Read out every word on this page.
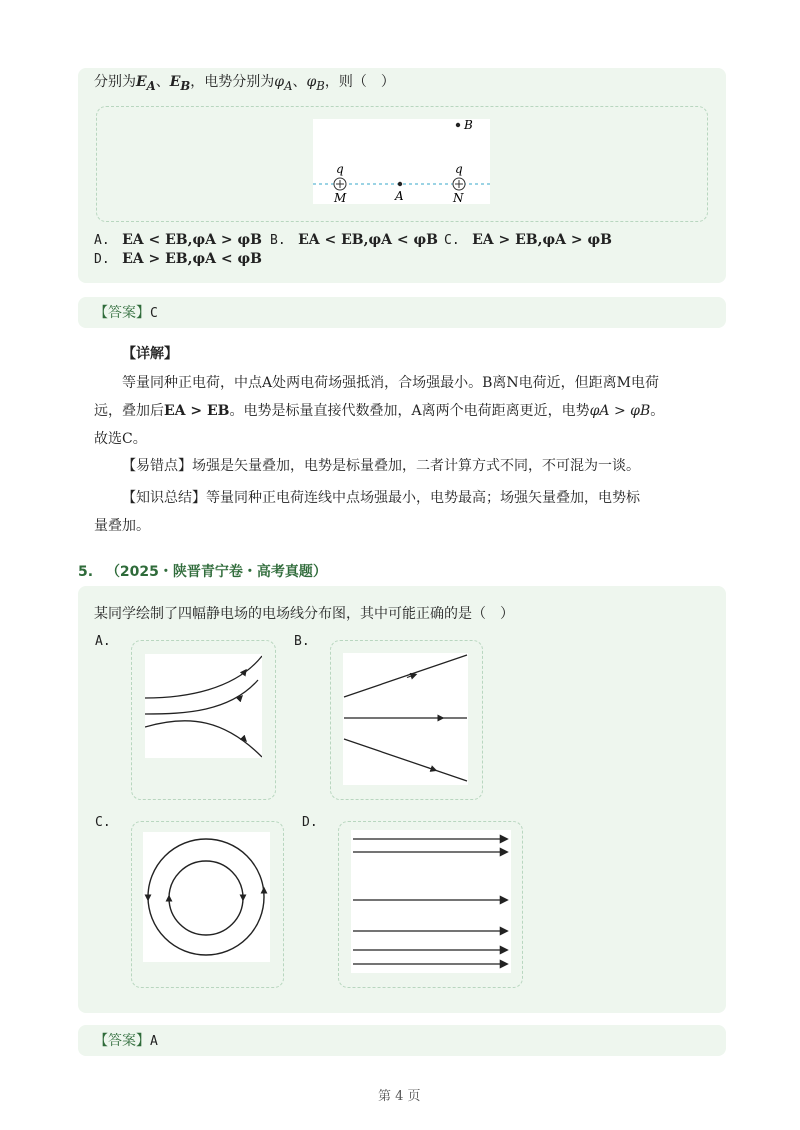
分别为$E_A$、$E_B$，电势分别为$\varphi_A$、$\varphi_B$，则（　）
q	q
M	A	N
B
A. EA < EB,φA > φB B. EA < EB,φA < φB C. EA > EB,φA > φB
D. EA > EB,φA < φB
【答案】C
【详解】
等量同种正电荷，中点A处两电荷场强抵消，合场强最小。B离N电荷近，但距离M电荷
远，叠加后EA > EB。电势是标量直接代数叠加，A离两个电荷距离更近，电势φA > φB。
故选C。
【易错点】场强是矢量叠加，电势是标量叠加，二者计算方式不同，不可混为一谈。
【知识总结】等量同种正电荷连线中点场强最小，电势最高；场强矢量叠加，电势标
量叠加。
5. （2025・陕晋青宁卷・高考真题）
某同学绘制了四幅静电场的电场线分布图，其中可能正确的是（　）
A.	B.
C.	D.
【答案】A
第 4 页
